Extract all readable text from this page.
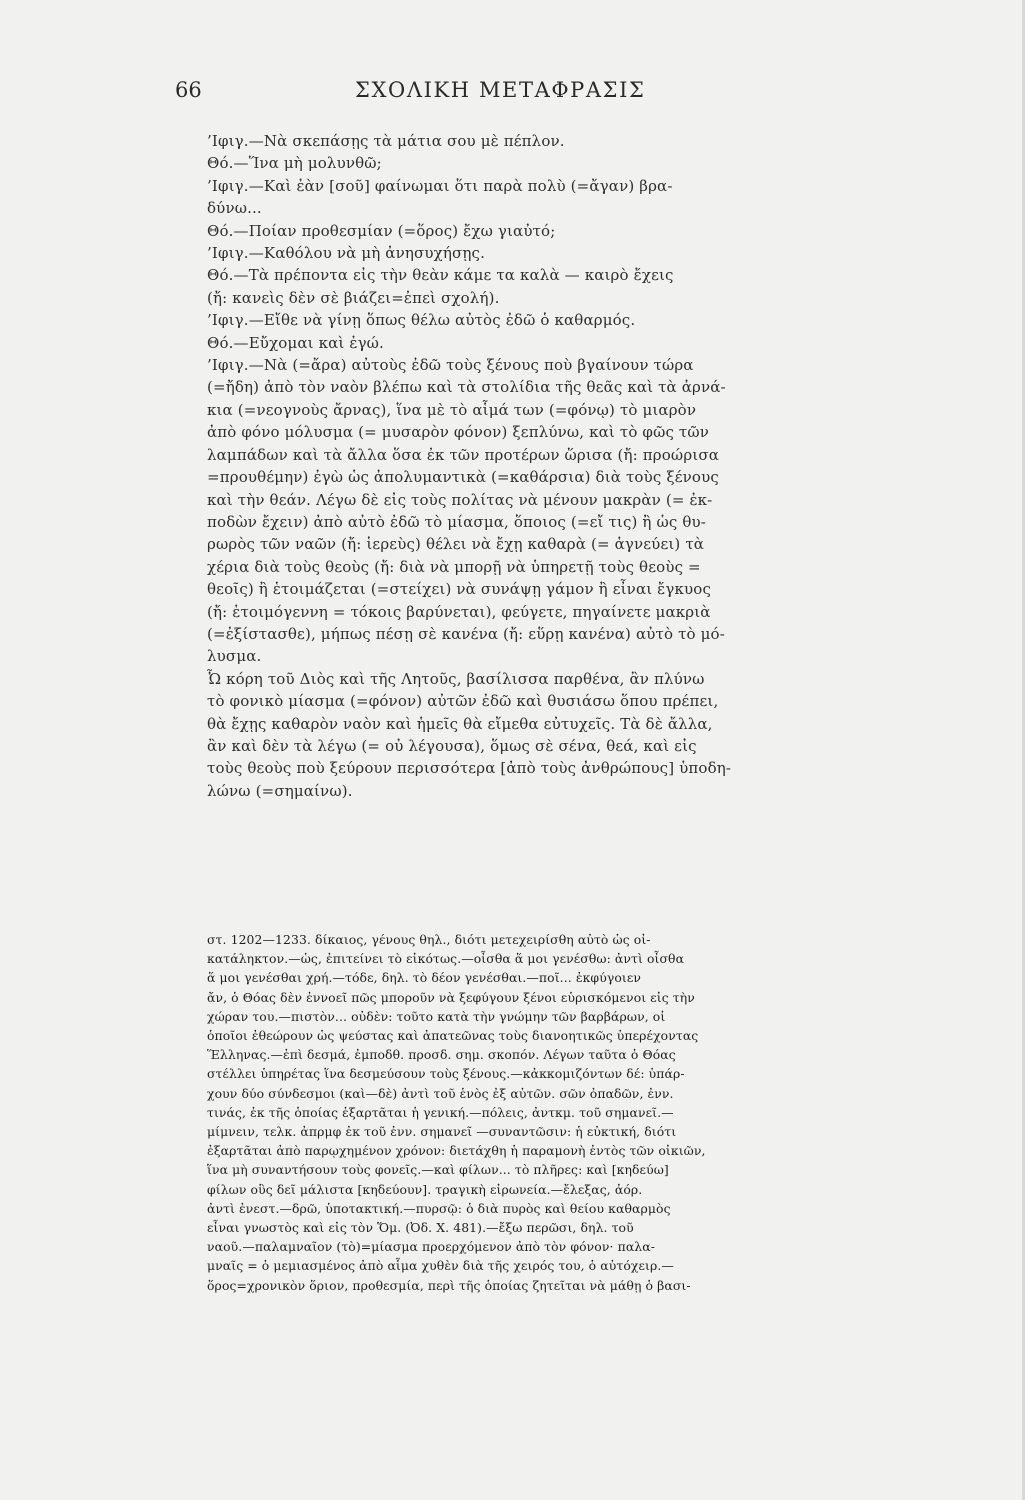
66	ΣΧΟΛΙΚΗ ΜΕΤΑΦΡΑΣΙΣ

’Ιφιγ.—Νὰ σκεπάσῃς τὰ μάτια σου μὲ πέπλον.

Θό.—Ἵνα μὴ μολυνθῶ;

’Ιφιγ.—Καὶ ἐὰν [σοῦ] φαίνωμαι ὅτι παρὰ πολὺ (=ἄγαν) βρα-

δύνω...

Θό.—Ποίαν προθεσμίαν (=ὅρος) ἔχω γιαὐτό;

’Ιφιγ.—Καθόλου νὰ μὴ ἀνησυχήσῃς.

Θό.—Τὰ πρέποντα εἰς τὴν θεὰν κάμε τα καλὰ — καιρὸ ἔχεις

(ἤ: κανεὶς δὲν σὲ βιάζει=ἐπεὶ σχολή).

’Ιφιγ.—Εἴθε νὰ γίνῃ ὅπως θέλω αὐτὸς ἐδῶ ὁ καθαρμός.

Θό.—Εὔχομαι καὶ ἐγώ.

’Ιφιγ.—Νὰ (=ἄρα) αὐτοὺς ἐδῶ τοὺς ξένους ποὺ βγαίνουν τώρα

(=ἤδη) ἀπὸ τὸν ναὸν βλέπω καὶ τὰ στολίδια τῆς θεᾶς καὶ τὰ ἀρνά-

κια (=νεογνοὺς ἄρνας), ἵνα μὲ τὸ αἷμά των (=φόνῳ) τὸ μιαρὸν

ἀπὸ φόνο μόλυσμα (= μυσαρὸν φόνον) ξεπλύνω, καὶ τὸ φῶς τῶν

λαμπάδων καὶ τὰ ἄλλα ὅσα ἐκ τῶν προτέρων ὥρισα (ἤ: προώρισα

=προυθέμην) ἐγὼ ὡς ἀπολυμαντικὰ (=καθάρσια) διὰ τοὺς ξένους

καὶ τὴν θεάν. Λέγω δὲ εἰς τοὺς πολίτας νὰ μένουν μακρὰν (= ἐκ-

ποδὼν ἔχειν) ἀπὸ αὐτὸ ἐδῶ τὸ μίασμα, ὅποιος (=εἴ τις) ἢ ὡς θυ-

ρωρὸς τῶν ναῶν (ἤ: ἱερεὺς) θέλει νὰ ἔχῃ καθαρὰ (= ἁγνεύει) τὰ

χέρια διὰ τοὺς θεοὺς (ἤ: διὰ νὰ μπορῇ νὰ ὑπηρετῇ τοὺς θεοὺς =

θεοῖς) ἢ ἑτοιμάζεται (=στείχει) νὰ συνάψῃ γάμον ἢ εἶναι ἔγκυος

(ἤ: ἑτοιμόγεννη = τόκοις βαρύνεται), φεύγετε, πηγαίνετε μακριὰ

(=ἐξίστασθε), μήπως πέσῃ σὲ κανένα (ἤ: εὕρῃ κανένα) αὐτὸ τὸ μό-

λυσμα.

Ὦ κόρη τοῦ Διὸς καὶ τῆς Λητοῦς, βασίλισσα παρθένα, ἂν πλύνω

τὸ φονικὸ μίασμα (=φόνον) αὐτῶν ἐδῶ καὶ θυσιάσω ὅπου πρέπει,

θὰ ἔχῃς καθαρὸν ναὸν καὶ ἡμεῖς θὰ εἴμεθα εὐτυχεῖς. Τὰ δὲ ἄλλα,

ἂν καὶ δὲν τὰ λέγω (= οὐ λέγουσα), ὅμως σὲ σένα, θεά, καὶ εἰς

τοὺς θεοὺς ποὺ ξεύρουν περισσότερα [ἀπὸ τοὺς ἀνθρώπους] ὑποδη-

λώνω (=σημαίνω).

στ. 1202—1233. δίκαιος, γένους θηλ., διότι μετεχειρίσθη αὐτὸ ὡς οἰ-

κατάληκτον.—ὡς, ἐπιτείνει τὸ εἰκότως.—οἶσθα ἅ μοι γενέσθω: ἀντὶ οἶσθα

ἅ μοι γενέσθαι χρή.—τόδε, δηλ. τὸ δέον γενέσθαι.—ποῖ... ἐκφύγοιεν

ἄν, ὁ Θόας δὲν ἐννοεῖ πῶς μποροῦν νὰ ξεφύγουν ξένοι εὑρισκόμενοι εἰς τὴν

χώραν του.—πιστὸν... οὐδὲν: τοῦτο κατὰ τὴν γνώμην τῶν βαρβάρων, οἱ

ὁποῖοι ἐθεώρουν ὡς ψεύστας καὶ ἀπατεῶνας τοὺς διανοητικῶς ὑπερέχοντας

Ἕλληνας.—ἐπὶ δεσμά, ἐμποδθ. προσδ. σημ. σκοπόν. Λέγων ταῦτα ὁ Θόας

στέλλει ὑπηρέτας ἵνα δεσμεύσουν τοὺς ξένους.—κἀκκομιζόντων δέ: ὑπάρ-

χουν δύο σύνδεσμοι (καὶ—δὲ) ἀντὶ τοῦ ἑνὸς ἐξ αὐτῶν. σῶν ὀπαδῶν, ἐνν.

τινάς, ἐκ τῆς ὁποίας ἐξαρτᾶται ἡ γενική.—πόλεις, ἀντκμ. τοῦ σημανεῖ.—

μίμνειν, τελκ. ἀπρμφ ἐκ τοῦ ἐνν. σημανεῖ —συναντῶσιν: ἡ εὐκτική, διότι

ἐξαρτᾶται ἀπὸ παρῳχημένον χρόνον: διετάχθη ἡ παραμονὴ ἐντὸς τῶν οἰκιῶν,

ἵνα μὴ συναντήσουν τοὺς φονεῖς.—καὶ φίλων... τὸ πλῆρες: καὶ [κηδεύω]

φίλων οὓς δεῖ μάλιστα [κηδεύουν]. τραγικὴ εἰρωνεία.—ἔλεξας, ἀόρ.

ἀντὶ ἐνεστ.—δρῶ, ὑποτακτική.—πυρσῷ: ὁ διὰ πυρὸς καὶ θείου καθαρμὸς

εἶναι γνωστὸς καὶ εἰς τὸν Ὅμ. (Ὀδ. Χ. 481).—ἔξω περῶσι, δηλ. τοῦ

ναοῦ.—παλαμναῖον (τὸ)=μίασμα προερχόμενον ἀπὸ τὸν φόνον· παλα-

μναῖς = ὁ μεμιασμένος ἀπὸ αἷμα χυθὲν διὰ τῆς χειρός του, ὁ αὐτόχειρ.—

ὅρος=χρονικὸν ὅριον, προθεσμία, περὶ τῆς ὁποίας ζητεῖται νὰ μάθῃ ὁ βασι-
